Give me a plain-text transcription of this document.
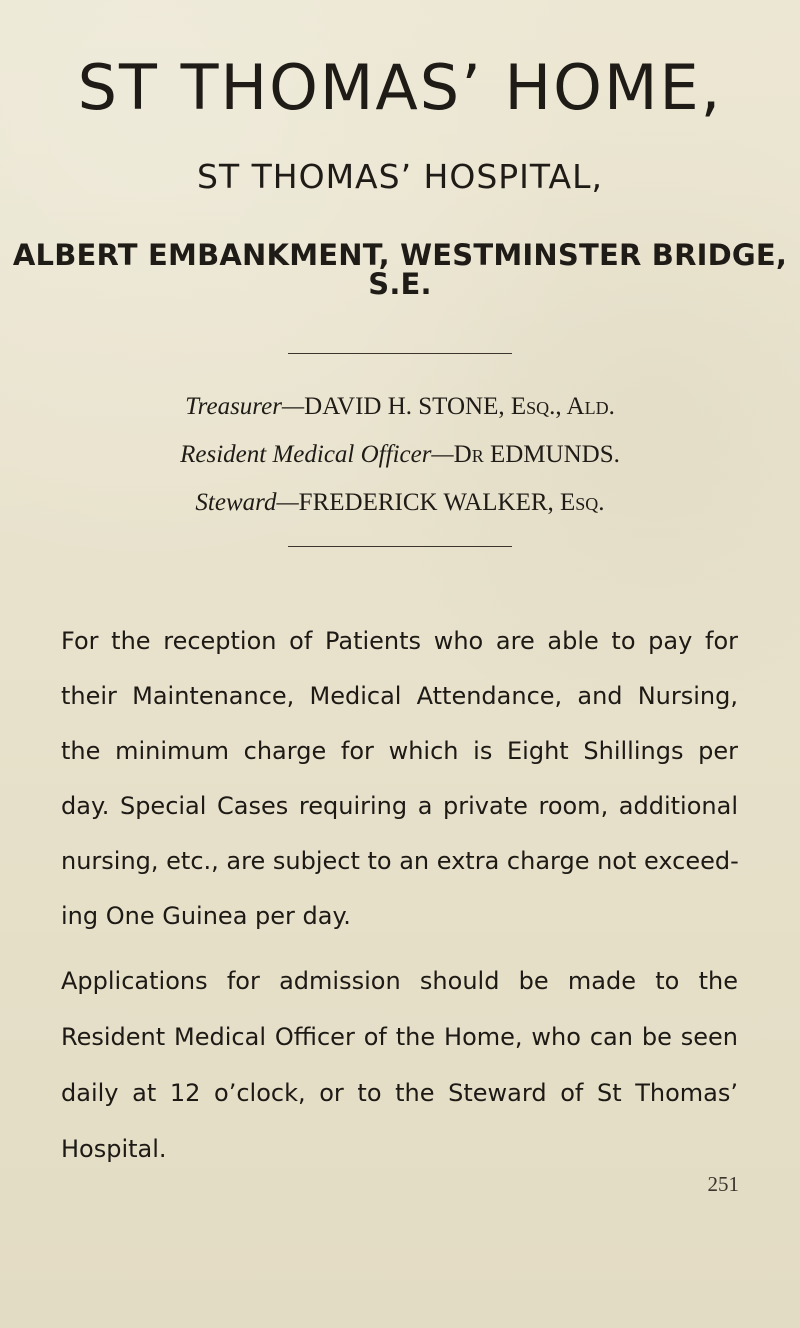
ST THOMAS’ HOME,
ST THOMAS’ HOSPITAL,
ALBERT EMBANKMENT, WESTMINSTER BRIDGE, S.E.
Treasurer—DAVID H. STONE, Esq., Ald.
Resident Medical Officer—Dr EDMUNDS.
Steward—FREDERICK WALKER, Esq.
For the reception of Patients who are able to pay for
their Maintenance, Medical Attendance, and Nursing,
the minimum charge for which is Eight Shillings per
day. Special Cases requiring a private room, additional
nursing, etc., are subject to an extra charge not exceed-
ing One Guinea per day.
Applications for admission should be made to the
Resident Medical Officer of the Home, who can be seen
daily at 12 o’clock, or to the Steward of St Thomas’
Hospital.
251
